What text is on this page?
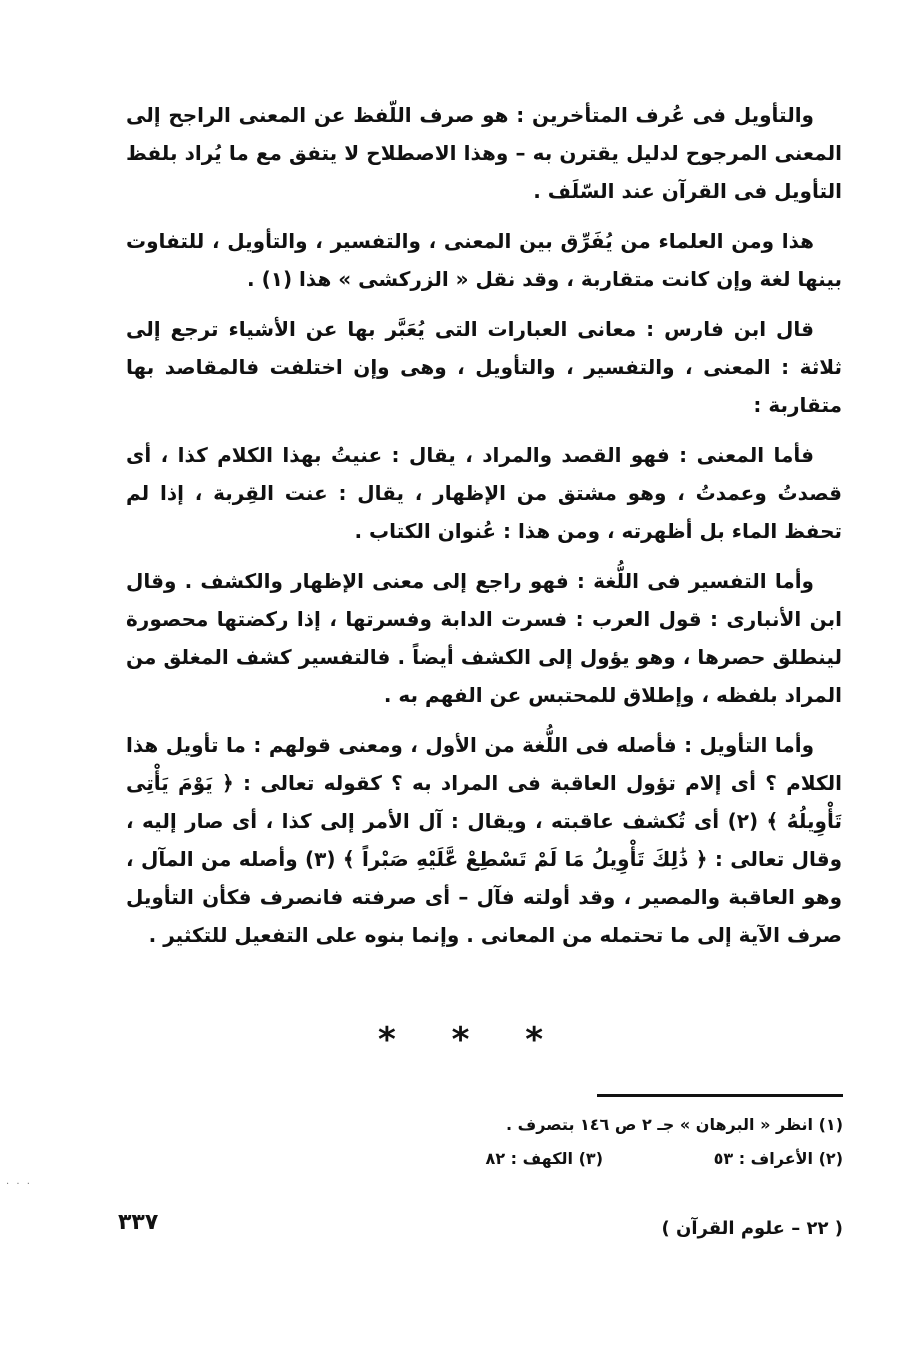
والتأويل فى عُرف المتأخرين : هو صرف اللّفظ عن المعنى الراجح إلى المعنى المرجوح لدليل يقترن به – وهذا الاصطلاح لا يتفق مع ما يُراد بلفظ التأويل فى القرآن عند السّلَف .

هذا ومن العلماء من يُفَرِّق بين المعنى ، والتفسير ، والتأويل ، للتفاوت بينها لغة وإن كانت متقاربة ، وقد نقل « الزركشى » هذا (١) .

قال ابن فارس : معانى العبارات التى يُعَبَّر بها عن الأشياء ترجع إلى ثلاثة : المعنى ، والتفسير ، والتأويل ، وهى وإن اختلفت فالمقاصد بها متقاربة :

فأما المعنى : فهو القصد والمراد ، يقال : عنيتُ بهذا الكلام كذا ، أى قصدتُ وعمدتُ ، وهو مشتق من الإظهار ، يقال : عنت القِربة ، إذا لم تحفظ الماء بل أظهرته ، ومن هذا : عُنوان الكتاب .

وأما التفسير فى اللُّغة : فهو راجع إلى معنى الإظهار والكشف . وقال ابن الأنبارى : قول العرب : فسرت الدابة وفسرتها ، إذا ركضتها محصورة لينطلق حصرها ، وهو يؤول إلى الكشف أيضاً . فالتفسير كشف المغلق من المراد بلفظه ، وإطلاق للمحتبس عن الفهم به .

وأما التأويل : فأصله فى اللُّغة من الأول ، ومعنى قولهم : ما تأويل هذا الكلام ؟ أى إلام تؤول العاقبة فى المراد به ؟ كقوله تعالى : ﴿ يَوْمَ يَأْتِى تَأْوِيلُهُ ﴾ (٢) أى تُكشف عاقبته ، ويقال : آل الأمر إلى كذا ، أى صار إليه ، وقال تعالى : ﴿ ذَٰلِكَ تَأْوِيلُ مَا لَمْ تَسْطِعْ عَّلَيْهِ صَبْراً ﴾ (٣) وأصله من المآل ، وهو العاقبة والمصير ، وقد أولته فآل – أى صرفته فانصرف فكأن التأويل صرف الآية إلى ما تحتمله من المعانى . وإنما بنوه على التفعيل للتكثير .

* * *
(١) انظر « البرهان » جـ ٢ ص ١٤٦ بتصرف .
(٢) الأعراف : ٥٣
(٣) الكهف : ٨٢
( ٢٢ – علوم القرآن )
٣٣٧
. . .
